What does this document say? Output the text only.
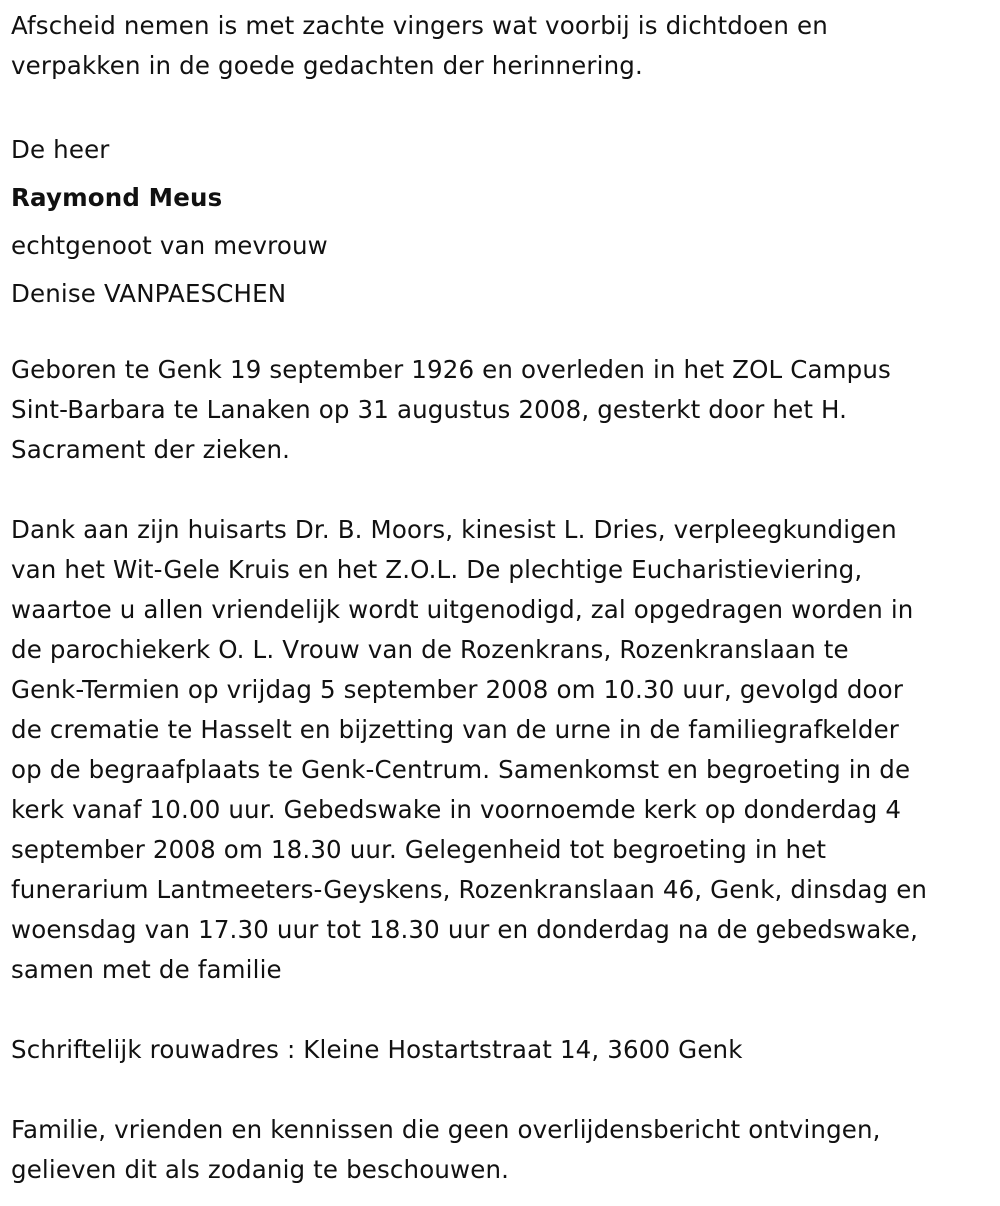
Afscheid nemen is met zachte vingers wat voorbij is dichtdoen en

verpakken in de goede gedachten der herinnering.

De heer

Raymond Meus

echtgenoot van mevrouw

Denise VANPAESCHEN

Geboren te Genk 19 september 1926 en overleden in het ZOL Campus

Sint-Barbara te Lanaken op 31 augustus 2008, gesterkt door het H.

Sacrament der zieken.

Dank aan zijn huisarts Dr. B. Moors, kinesist L. Dries, verpleegkundigen

van het Wit-Gele Kruis en het Z.O.L. De plechtige Eucharistieviering,

waartoe u allen vriendelijk wordt uitgenodigd, zal opgedragen worden in

de parochiekerk O. L. Vrouw van de Rozenkrans, Rozenkranslaan te

Genk-Termien op vrijdag 5 september 2008 om 10.30 uur, gevolgd door

de crematie te Hasselt en bijzetting van de urne in de familiegrafkelder

op de begraafplaats te Genk-Centrum. Samenkomst en begroeting in de

kerk vanaf 10.00 uur. Gebedswake in voornoemde kerk op donderdag 4

september 2008 om 18.30 uur. Gelegenheid tot begroeting in het

funerarium Lantmeeters-Geyskens, Rozenkranslaan 46, Genk, dinsdag en

woensdag van 17.30 uur tot 18.30 uur en donderdag na de gebedswake,

samen met de familie

Schriftelijk rouwadres : Kleine Hostartstraat 14, 3600 Genk

Familie, vrienden en kennissen die geen overlijdensbericht ontvingen,

gelieven dit als zodanig te beschouwen.
